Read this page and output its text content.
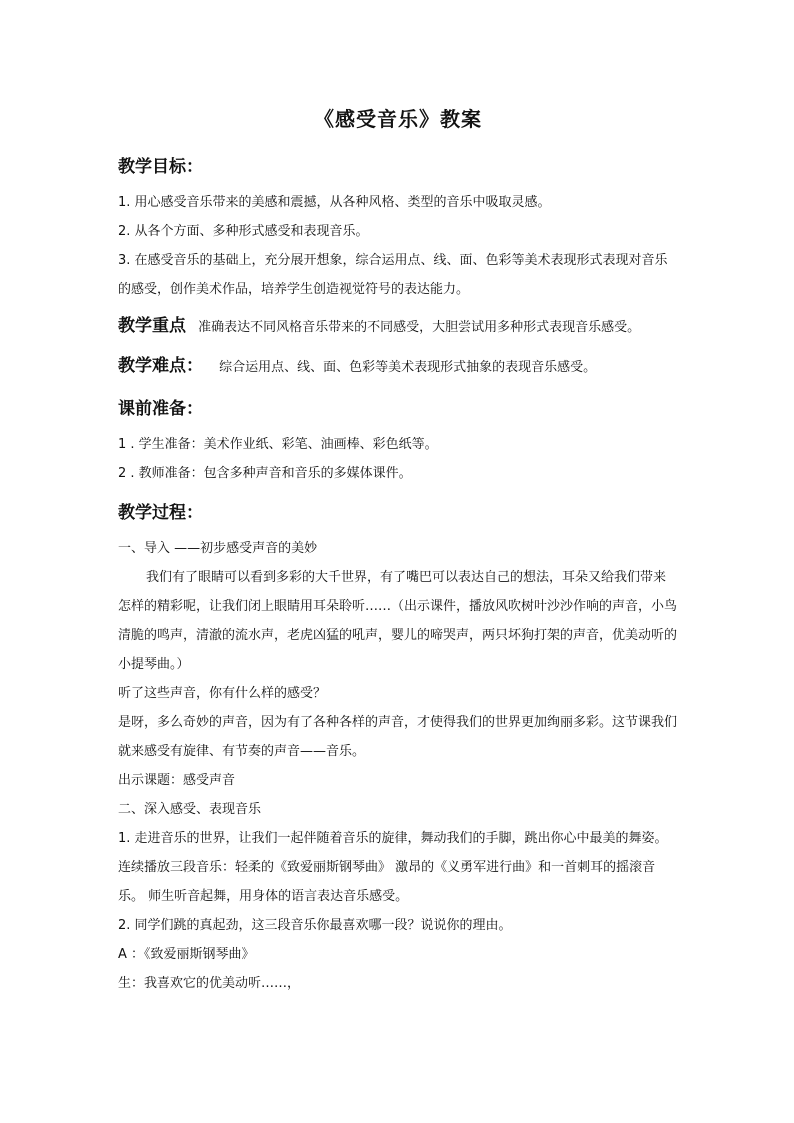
《感受音乐》教案
教学目标：

1. 用心感受音乐带来的美感和震撼，从各种风格、类型的音乐中吸取灵感。

2. 从各个方面、多种形式感受和表现音乐。

3. 在感受音乐的基础上，充分展开想象，综合运用点、线、面、色彩等美术表现形式表现对音乐的感受，创作美术作品，培养学生创造视觉符号的表达能力。

教学重点 准确表达不同风格音乐带来的不同感受，大胆尝试用多种形式表现音乐感受。

教学难点： 综合运用点、线、面、色彩等美术表现形式抽象的表现音乐感受。

课前准备：

1 . 学生准备：美术作业纸、彩笔、油画棒、彩色纸等。

2 . 教师准备：包含多种声音和音乐的多媒体课件。

教学过程：

一、导入 ——初步感受声音的美妙

我们有了眼睛可以看到多彩的大千世界，有了嘴巴可以表达自己的想法，耳朵又给我们带来怎样的精彩呢，让我们闭上眼睛用耳朵聆听……（出示课件，播放风吹树叶沙沙作响的声音，小鸟清脆的鸣声，清澈的流水声，老虎凶猛的吼声，婴儿的啼哭声，两只坏狗打架的声音，优美动听的小提琴曲。）

听了这些声音，你有什么样的感受？

是呀，多么奇妙的声音，因为有了各种各样的声音，才使得我们的世界更加绚丽多彩。这节课我们就来感受有旋律、有节奏的声音——音乐。

出示课题：感受声音

二、深入感受、表现音乐

1. 走进音乐的世界，让我们一起伴随着音乐的旋律，舞动我们的手脚，跳出你心中最美的舞姿。 连续播放三段音乐：轻柔的《致爱丽斯钢琴曲》 激昂的《义勇军进行曲》和一首刺耳的摇滚音乐。 师生听音起舞，用身体的语言表达音乐感受。

2. 同学们跳的真起劲，这三段音乐你最喜欢哪一段？说说你的理由。

A ：《致爱丽斯钢琴曲》

生：我喜欢它的优美动听……，
